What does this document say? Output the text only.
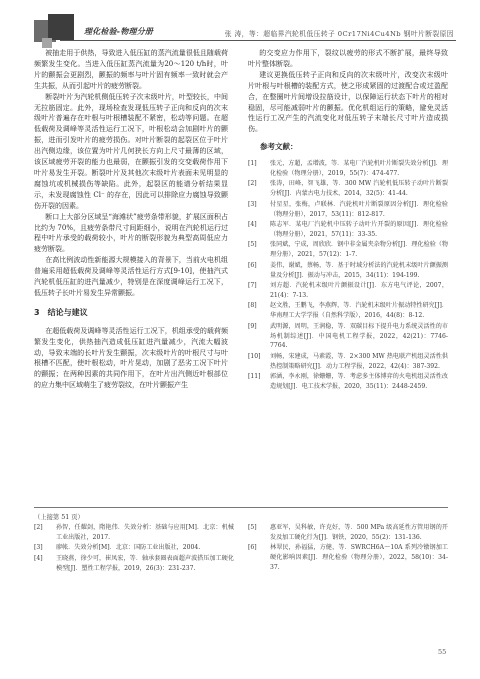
理化检验-物理分册	张 涛，等：超临界汽轮机低压转子 0Cr17Ni4Cu4Nb 钢叶片断裂原因

被抽走用于供热，导致进入低压缸的蒸汽流量很低且随载荷频繁发生变化。当进入低压缸蒸汽流量为20～120 t/h时，叶片的颤振会更剧烈，颤振的频率与叶片固有频率一致时就会产生共振，从而引起叶片的疲劳断裂。

断裂叶片为汽轮机侧低压转子次末级叶片，叶型较长，中间无拉筋固定。此外，现场检查发现低压转子正向和反向的次末级叶片普遍存在叶根与叶根槽装配不紧密，松动等问题。在超低载荷及调峰等灵活性运行工况下，叶根松动会加剧叶片的颤振，进而引发叶片的疲劳损伤。对叶片断裂的起裂区位于叶片出汽侧边缘，该位置为叶片几何狭长方向上尺寸最薄的区域，该区域疲劳开裂的能力也最弱，在颤振引发的交变载荷作用下叶片易发生开裂。断裂叶片及其他次末级叶片表面未见明显的腐蚀坑或机械损伤等缺陷。此外，起裂区的能谱分析结果显示，未发现腐蚀性 Cl⁻ 的存在，因此可以排除应力腐蚀导致颤伤开裂的因素。

断口上大部分区域呈“海滩状”疲劳条带形貌，扩展区面积占比约为 70%，且疲劳条带尺寸间距细小，说明在汽轮机运行过程中叶片承受的载荷较小，叶片的断裂形貌为典型高周低应力疲劳断裂。

在高比例波动性新能源大规模接入的背景下，当前火电机组普遍采用超低载荷及调峰等灵活性运行方式[9-10]，使抽汽式汽轮机低压缸的进汽量减少，特别是在深度调峰运行工况下，低压转子长叶片易发生异常颤振。

3　结论与建议

在超低载荷及调峰等灵活性运行工况下，机组承受的载荷频繁发生变化，供热抽汽造成低压缸进汽量减少，汽流大幅波动，导致末端的长叶片发生颤振，次末级叶片的叶根尺寸与叶根槽不匹配，使叶根松动，叶片晃动，加剧了恶劣工况下叶片的颤振；在两种因素的共同作用下，在叶片出汽侧近叶根部位的应力集中区域萌生了疲劳裂纹，在叶片颤振产生

的交变应力作用下，裂纹以疲劳的形式不断扩展，最终导致叶片整体断裂。

建议更换低压转子正向和反向的次末级叶片，改变次末级叶片叶根与叶根槽的装配方式，使之形成紧固的过渡配合或过盈配合，在整圈叶片间增设拉筋设计，以保障运行状态下叶片的相对稳固，尽可能减弱叶片的颤振。优化机组运行的策略，避免灵活性运行工况产生的汽流变化对低压转子末端长尺寸叶片造成损伤。

参考文献：
[1]	张元，方超，孟增波，等．某电厂汽轮机叶片断裂失效分析[J]．理化检验（物理分册），2019，55(7)：474-477.
[2]	张涛，田峰，智飞雄，等．300 MW 汽轮机低压转子动叶片断裂分析[J]．内蒙古电力技术，2014，32(5)：41-44.
[3]	付星星，张梅，卢联林．汽轮机叶片断裂原因分析[J]．理化检验（物理分册），2017，53(11)：812-817.
[4]	陈志军．某电厂汽轮机中压转子动叶片开裂的原因[J]．理化检验（物理分册），2021，57(11)：33-35.
[5]	张同斌，宁成，周欣欣．钢中非金属夹杂物分析[J]．理化检验（物理分册），2021，57(12)：1-7.
[6]	姜伟，谢斌，蔡畅，等．基于时域分析法的汽轮机末级叶片颤振测量及分析[J]．振动与冲击，2015，34(11)：194-199.
[7]	刘方超．汽轮机末级叶片颤振设计[J]．东方电气评论，2007，21(4)：7-13.
[8]	赵文胜，王鹏飞，李燕辉，等．汽轮机末级叶片振动特性研究[J]．华南理工大学学报（自然科学版），2016，44(8)：8-12.
[9]	武明源，周明，王润稳，等．双碳目标下提升电力系统灵活性的市场机制综述[J]．中国电机工程学报，2022，42(21)：7746-7764.
[10]	刘畅，宋建成，马素霞，等．2×300 MW 热电联产机组灵活性供热控制策略研究[J]．动力工程学报，2022，42(4)：387-392.
[11]	郭涵，李永刚，徐姗姗，等．考虑多主体博弈的火电机组灵活性改造规划[J]．电工技术学报，2020，35(11)：2448-2459.
（上接第 51 页）
[2]	孙智，任耀剑，隋艳伟．失效分析：基础与应用[M]．北京：机械工业出版社，2017.
[3]	廖帐．失效分析[M]．北京：国防工业出版社，2004.
[4]	王晓燕，徐少可，崔凤宏，等．轴承套圈表面超声波搭压加工硬化模型[J]．塑性工程学报，2019，26(3)：231-237.
[5]	惠亚军，吴科敏，许克好，等．500 MPa 级高延性方管用钢的开发及加工硬化行为[J]．钢铁，2020，55(2)：131-136.
[6]	林翠民，孙福猛，方健，等．SWRCH6A～10A 系列冷镦钢加工硬化影响因素[J]．理化检验（物理分册），2022，58(10)：34-37.
55
